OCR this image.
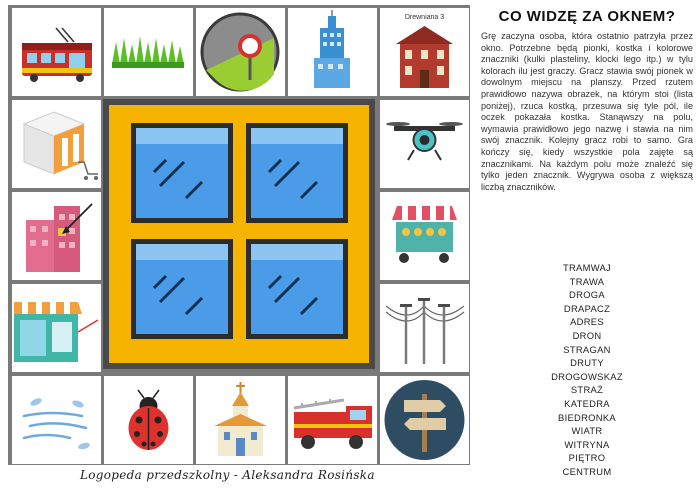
Drewniana 3
Logopeda przedszkolny - Aleksandra Rosińska
CO WIDZĘ ZA OKNEM?

Grę zaczyna osoba, która ostatnio patrzyła przez okno. Potrzebne będą pionki, kostka i kolorowe znaczniki (kulki plasteliny, klocki lego itp.) w tylu kolorach ilu jest graczy. Gracz stawia swój pionek w dowolnym miejscu na planszy. Przed rzutem prawidłowo nazywa obrazek, na którym stoi (lista poniżej), rzuca kostką, przesuwa się tyle pól, ile oczek pokazała kostka. Stanąwszy na polu, wymawia prawidłowo jego nazwę i stawia na nim swój znacznik. Kolejny gracz robi to samo. Gra kończy się, kiedy wszystkie pola zajęte są znacznikami. Na każdym polu może znaleźć się tylko jeden znacznik. Wygrywa osoba z większą liczbą znaczników.

TRAMWAJ
TRAWA
DROGA
DRAPACZ
ADRES
DRON
STRAGAN
DRUTY
DROGOWSKAZ
STRAŻ
KATEDRA
BIEDRONKA
WIATR
WITRYNA
PIĘTRO
CENTRUM
